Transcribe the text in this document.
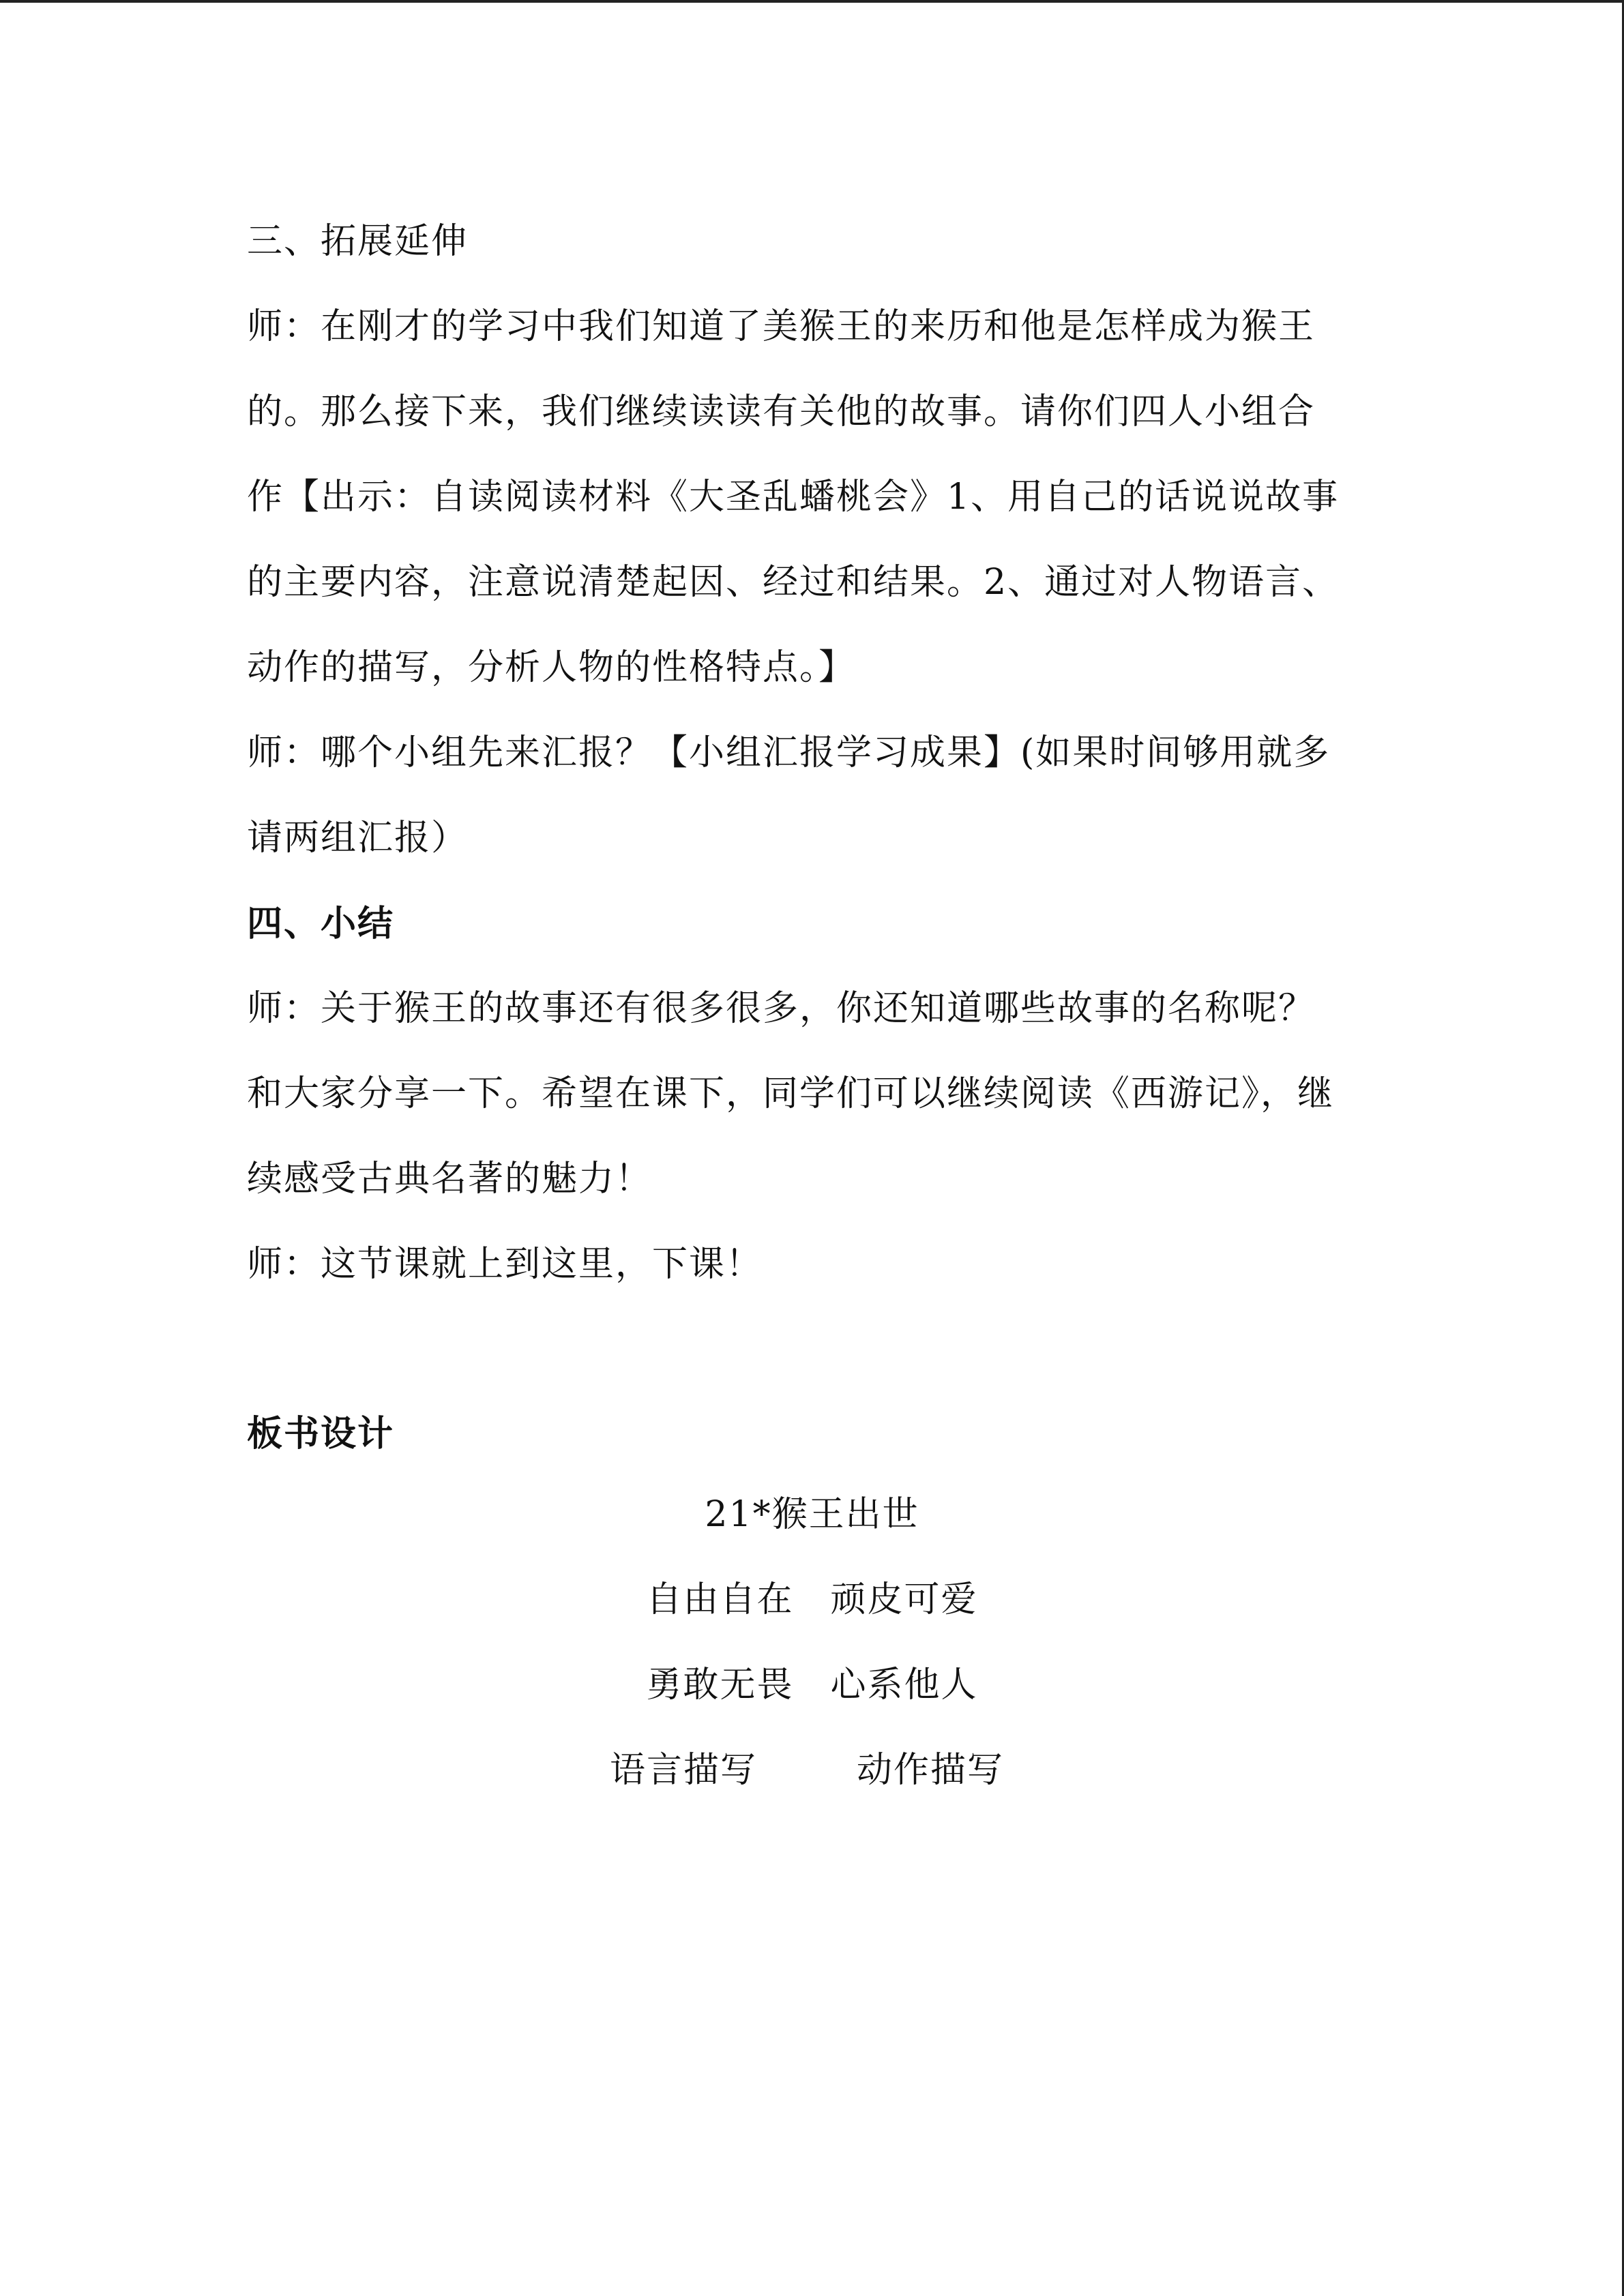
三、拓展延伸
师：在刚才的学习中我们知道了美猴王的来历和他是怎样成为猴王
的。那么接下来，我们继续读读有关他的故事。请你们四人小组合
作【出示：自读阅读材料《大圣乱蟠桃会》1、用自己的话说说故事
的主要内容，注意说清楚起因、经过和结果。2、通过对人物语言、
动作的描写，分析人物的性格特点。】
师：哪个小组先来汇报？【小组汇报学习成果】(如果时间够用就多
请两组汇报）
四、小结
师：关于猴王的故事还有很多很多，你还知道哪些故事的名称呢？
和大家分享一下。希望在课下，同学们可以继续阅读《西游记》，继
续感受古典名著的魅力！
师：这节课就上到这里，下课！
板书设计
21*猴王出世
自由自在　顽皮可爱
勇敢无畏　心系他人
语言描写	动作描写
